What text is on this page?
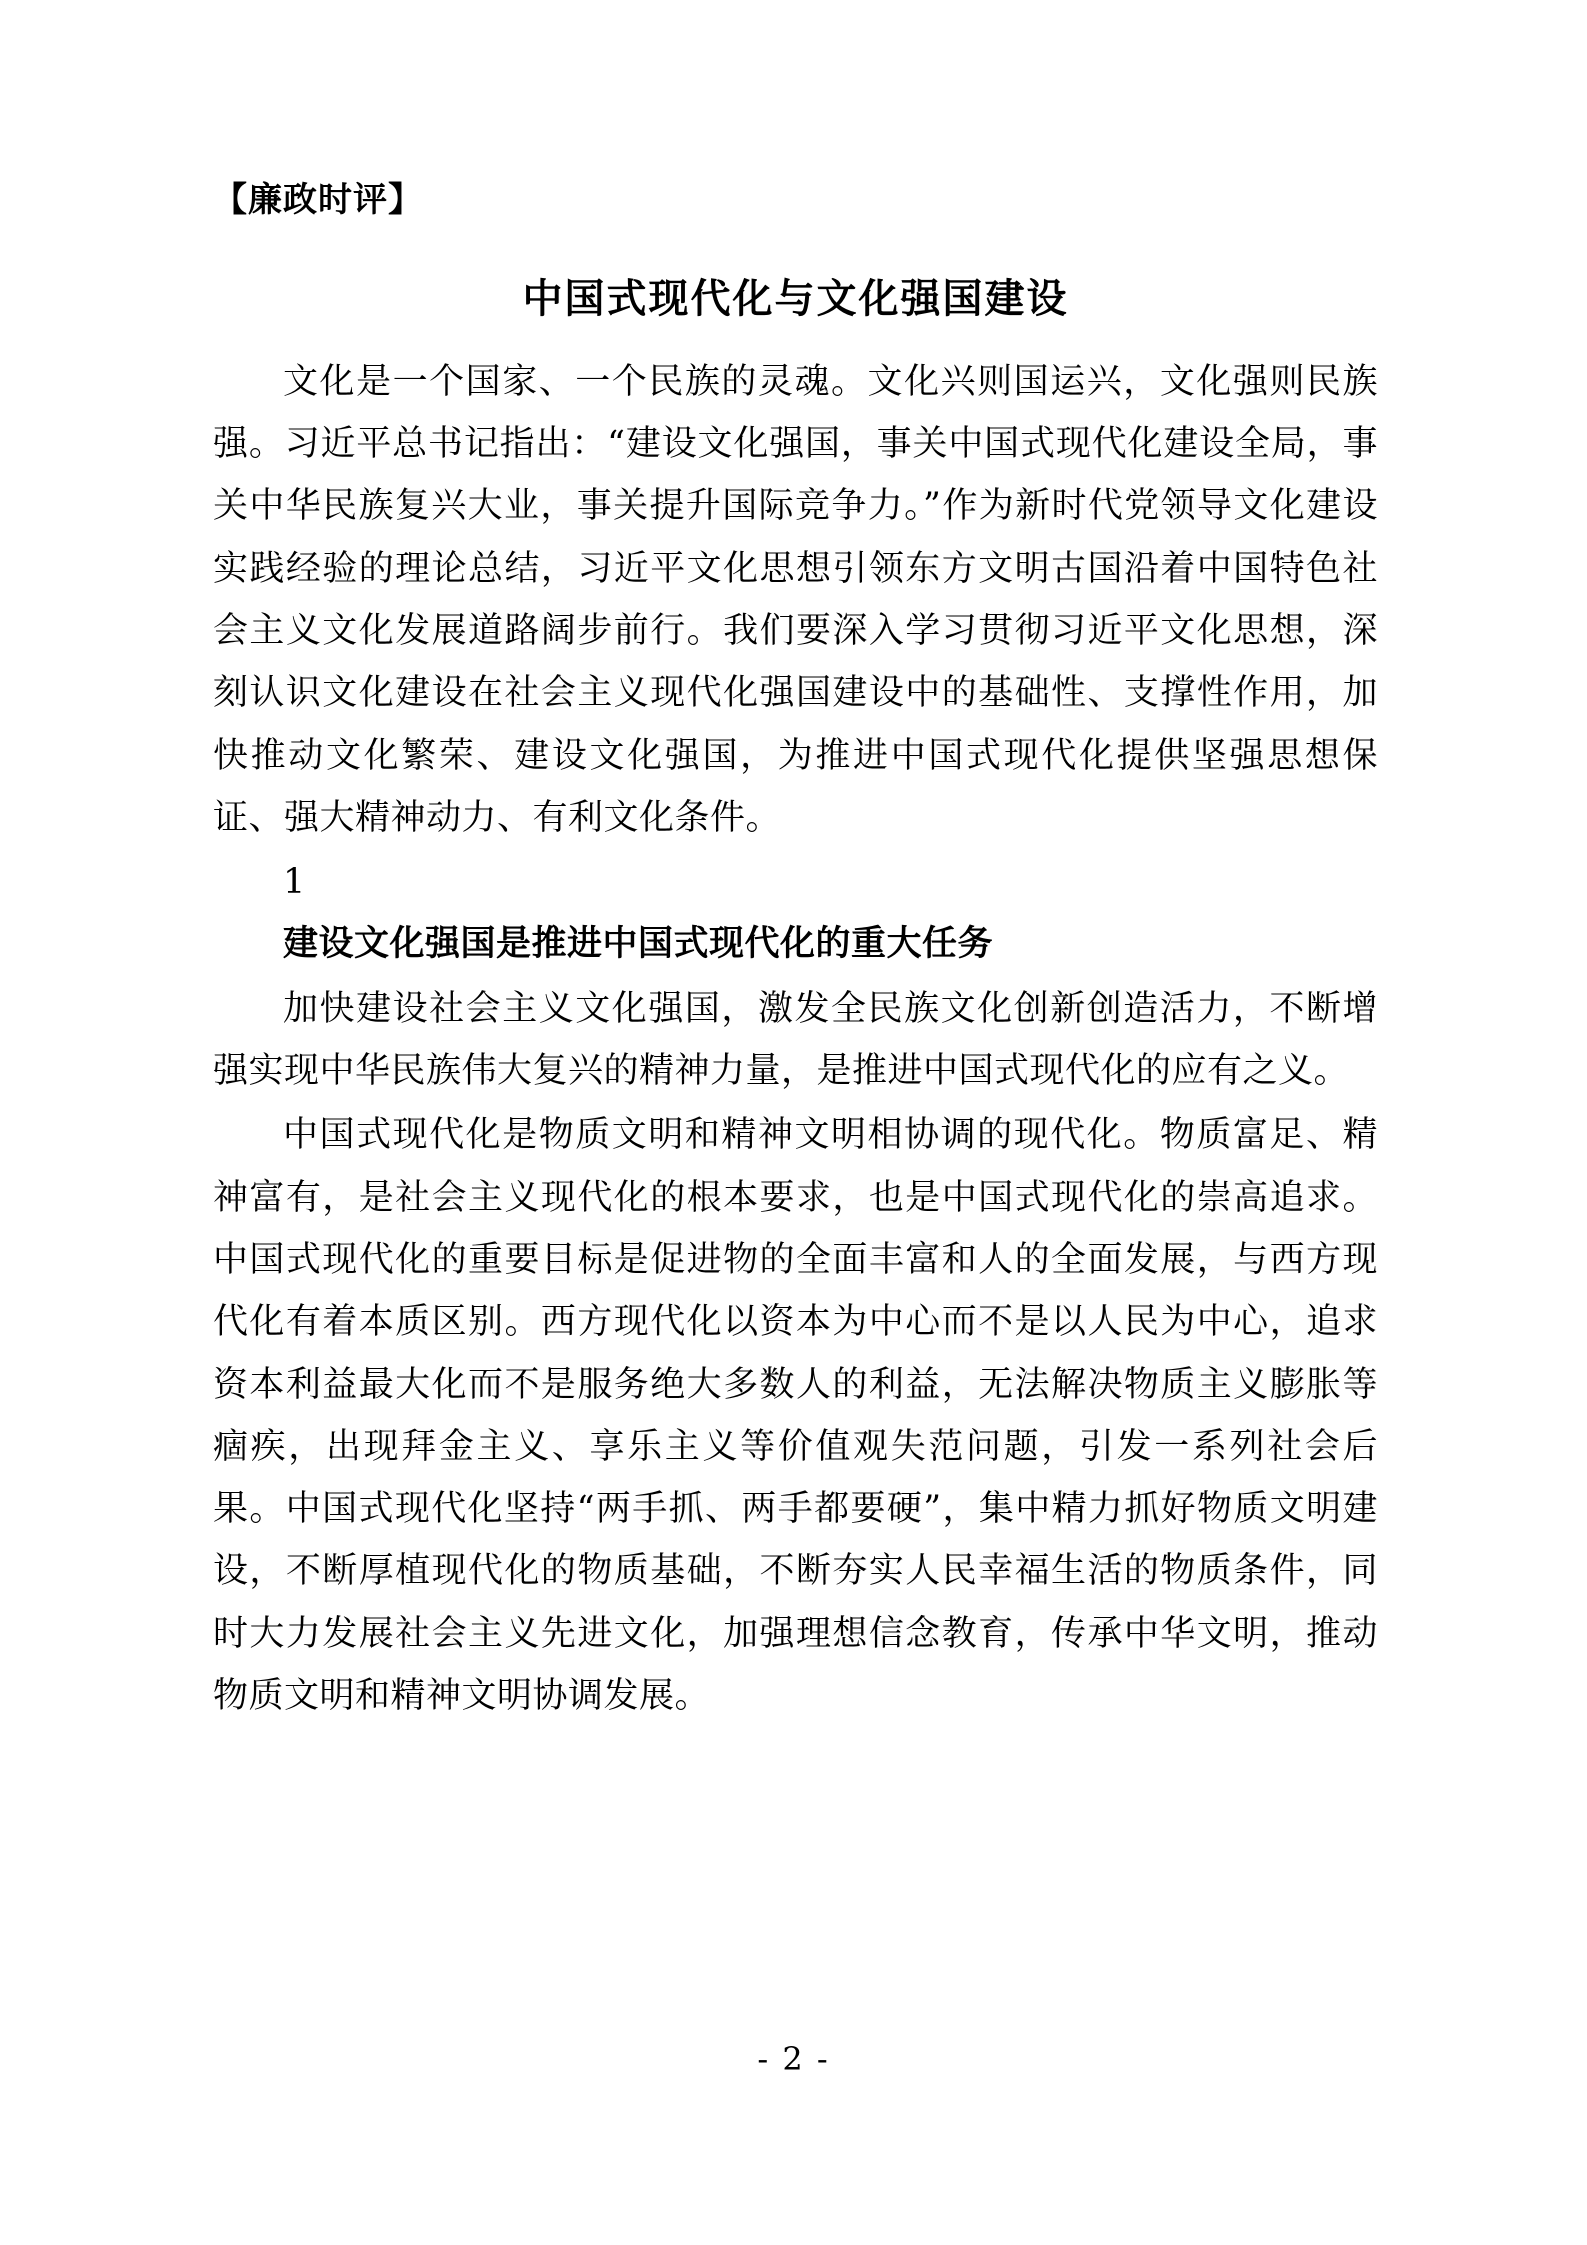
【廉政时评】
中国式现代化与文化强国建设

文化是一个国家、一个民族的灵魂。文化兴则国运兴，文化强则民族强。习近平总书记指出：“建设文化强国，事关中国式现代化建设全局，事关中华民族复兴大业，事关提升国际竞争力。”作为新时代党领导文化建设实践经验的理论总结，习近平文化思想引领东方文明古国沿着中国特色社会主义文化发展道路阔步前行。我们要深入学习贯彻习近平文化思想，深刻认识文化建设在社会主义现代化强国建设中的基础性、支撑性作用，加快推动文化繁荣、建设文化强国，为推进中国式现代化提供坚强思想保证、强大精神动力、有利文化条件。

1

建设文化强国是推进中国式现代化的重大任务

加快建设社会主义文化强国，激发全民族文化创新创造活力，不断增强实现中华民族伟大复兴的精神力量，是推进中国式现代化的应有之义。

中国式现代化是物质文明和精神文明相协调的现代化。物质富足、精神富有，是社会主义现代化的根本要求，也是中国式现代化的崇高追求。中国式现代化的重要目标是促进物的全面丰富和人的全面发展，与西方现代化有着本质区别。西方现代化以资本为中心而不是以人民为中心，追求资本利益最大化而不是服务绝大多数人的利益，无法解决物质主义膨胀等痼疾，出现拜金主义、享乐主义等价值观失范问题，引发一系列社会后果。中国式现代化坚持“两手抓、两手都要硬”，集中精力抓好物质文明建设，不断厚植现代化的物质基础，不断夯实人民幸福生活的物质条件，同时大力发展社会主义先进文化，加强理想信念教育，传承中华文明，推动物质文明和精神文明协调发展。

- 2 -
